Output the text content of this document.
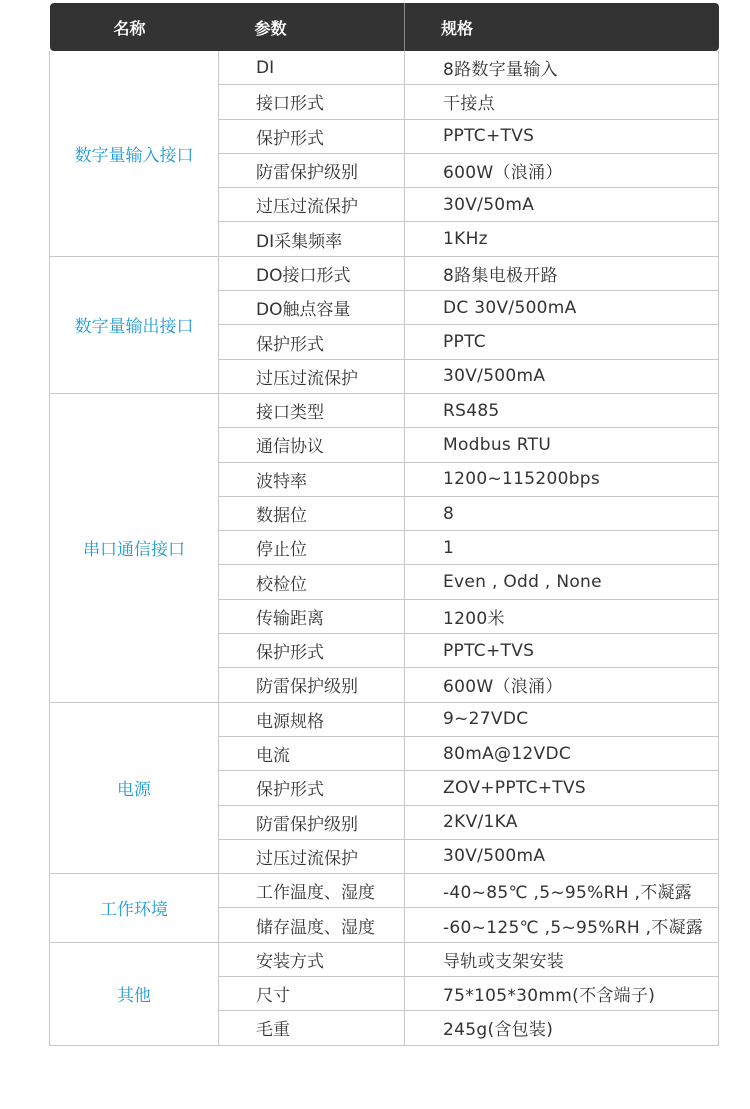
名称	参数	规格
数字量输入接口	DI	8路数字量输入
	接口形式	干接点
	保护形式	PPTC+TVS
	防雷保护级别	600W（浪涌）
	过压过流保护	30V/50mA
	DI采集频率	1KHz
数字量输出接口	DO接口形式	8路集电极开路
	DO触点容量	DC 30V/500mA
	保护形式	PPTC
	过压过流保护	30V/500mA
串口通信接口	接口类型	RS485
	通信协议	Modbus RTU
	波特率	1200~115200bps
	数据位	8
	停止位	1
	校检位	Even , Odd , None
	传输距离	1200米
	保护形式	PPTC+TVS
	防雷保护级别	600W（浪涌）
电源	电源规格	9~27VDC
	电流	80mA@12VDC
	保护形式	ZOV+PPTC+TVS
	防雷保护级别	2KV/1KA
	过压过流保护	30V/500mA
工作环境	工作温度、湿度	-40~85℃ ,5~95%RH ,不凝露
	储存温度、湿度	-60~125℃ ,5~95%RH ,不凝露
其他	安装方式	导轨或支架安装
	尺寸	75*105*30mm(不含端子)
	毛重	245g(含包装)
